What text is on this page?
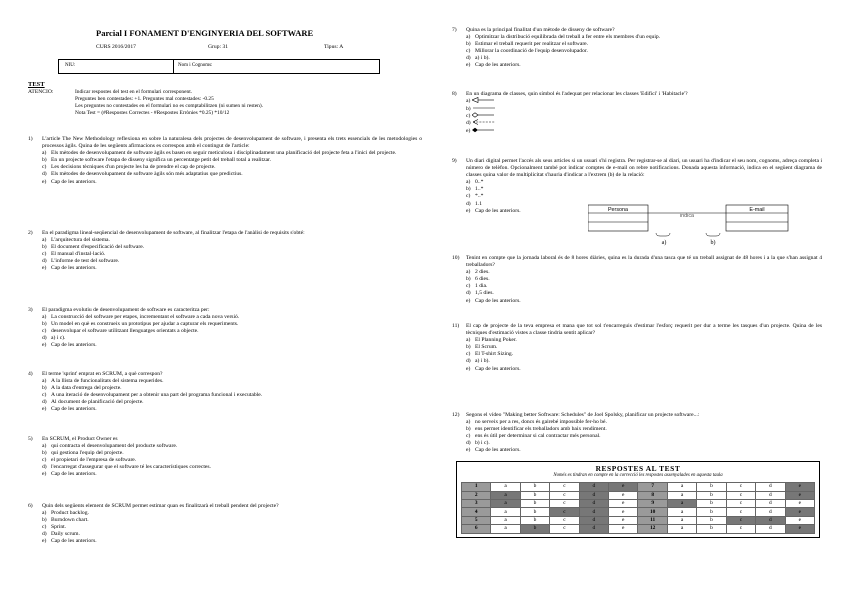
Parcial I FONAMENT D'ENGINYERIA DEL SOFTWARE
CURS 2016/2017	Grup: 31	Tipus: A
NIU:	Nom i Cognoms:
TEST
ATENCIO:	Indicar respostes del test en el formulari corresponent.
Preguntes ben contestades: +1. Preguntes mal contestades: -0.25
Les preguntes no contestades en el formulari no es comptabilitzen (ni sumen ni resten).
Nota Test = (#Respostes Correctes - #Respostes Errònies *0.25) *10/12
1)	L'article The New Methodology reflexiona en sobre la naturalesa dels projectes de desenvolupament de software, i presenta els trets essencials de les metodologies o processos àgils. Quina de les següents afirmacions es correspon amb el contingut de l'article:
a) Els mètodes de desenvolupament de software àgils es basen en seguir meticulosa i disciplinadament una planificació del projecte feta a l'inici del projecte.
b) En un projecte software l'etapa de disseny significa un percentatge petit del treball total a realitzar.
c) Les decisions tècniques d'un projecte les ha de prendre el cap de projecte.
d) Els mètodes de desenvolupament de software àgils són més adaptatius que predictius.
e) Cap de les anteriors.
2)	En el paradigma lineal-seqüencial de desenvolupament de software, al finalitzar l'etapa de l'anàlisi de requisits s'obté:
a) L'arquitectura del sistema.
b) El document d'especificació del software.
c) El manual d'instal·lació.
d) L'informe de test del software.
e) Cap de les anteriors.
3)	El paradigma evolutiu de desenvolupament de software es caracteritza per:
a) La construcció del software per etapes, incrementant el software a cada nova versió.
b) Un model en què es construeix un prototipus per ajudar a capturar els requeriments.
c) desenvolupar el software utilitzant llenguatges orientats a objecte.
d) a) i c).
e) Cap de les anteriors.
4)	El terme 'sprint' emprat en SCRUM, a què correspon?
a) A la llista de funcionalitats del sistema requerides.
b) A la data d'entrega del projecte.
c) A una iteració de desenvolupament per a obtenir una part del programa funcional i executable.
d) Al document de planificació del projecte.
e) Cap de les anteriors.
5)	En SCRUM, el Product Owner es
a) qui contracta el desenvolupament del producte software.
b) qui gestiona l'equip del projecte.
c) el propietari de l'empresa de software.
d) l'encarregat d'assegurar que el software té les característiques correctes.
e) Cap de les anteriors.
6)	Quin dels següents element de SCRUM permet estimar quan es finalitzarà el treball pendent del projecte?
a) Product backlog.
b) Burndown chart.
c) Sprint.
d) Daily scrum.
e) Cap de les anteriors.
7)	Quina es la principal finalitat d'un mètode de disseny de software?
a) Optimitzar la distribució equilibrada del treball a fer entre els membres d'un equip.
b) Estimar el treball requerit per realitzar el software.
c) Millorar la coordinació de l'equip desenvolupador.
d) a) i b).
e) Cap de les anteriors.
8)	En un diagrama de classes, quin símbol és l'adequat per relacionar les classes 'Edifici' i 'Habitacle'?
a)
b)
c)
d)
e)
9)	Un diari digital permet l'accés als seus articles si un usuari s'hi registra. Per registrar-se al diari, un usuari ha d'indicar el seu nom, cognoms, adreça completa i número de telèfon. Opcionalment també pot indicar comptes de e-mail on rebre notificacions. Donada aquesta informació, indica en el següent diagrama de classes quina valor de multiplicitat s'hauria d'indicar a l'extrem (b) de la relació:
a) 0..*
b) 1..*
c) *..*
d) 1.1
e) Cap de les anteriors.
10)	Tenint en compte que la jornada laboral és de 8 hores diàries, quina es la durada d'una tasca que té un treball assignat de 48 hores i a la que s'han assignat 4 treballadors?
a) 2 dies.
b) 6 dies.
c) 1 dia.
d) 1,5 dies.
e) Cap de les anteriors.
11)	El cap de projecte de la teva empresa et mana que tot sol t'encarreguis d'estimar l'esforç requerit per dur a terme les tasques d'un projecte. Quina de les tècniques d'estimació vistes a classe tindria sentit aplicar?
a) El Planning Poker.
b) El Scrum.
c) El T-shirt Sizing.
d) a) i b).
e) Cap de les anteriors.
12)	Segons el vídeo "Making better Software: Schedules" de Joel Spolsky, planificar un projecte software...:
a) no serveix per a res, doncs és gairebé impossible fer-ho bé.
b) ens permet identificar els treballadors amb baix rendiment.
c) ens és útil per determinar si cal contractar més personal.
d) b) i c).
e) Cap de les anteriors.
RESPOSTES AL TEST
Només es tindran en compte en la correcció les respostes assenyalades en aquesta taula
1	a	b	c	d	e	7	a	b	c	d	e
2	a	b	c	d	e	8	a	b	c	d	e
3	a	b	c	d	e	9	a	b	c	d	e
4	a	b	c	d	e	10	a	b	c	d	e
5	a	b	c	d	e	11	a	b	c	d	e
6	a	b	c	d	e	12	a	b	c	d	e
Persona
indica
E-mail
a)	b)
